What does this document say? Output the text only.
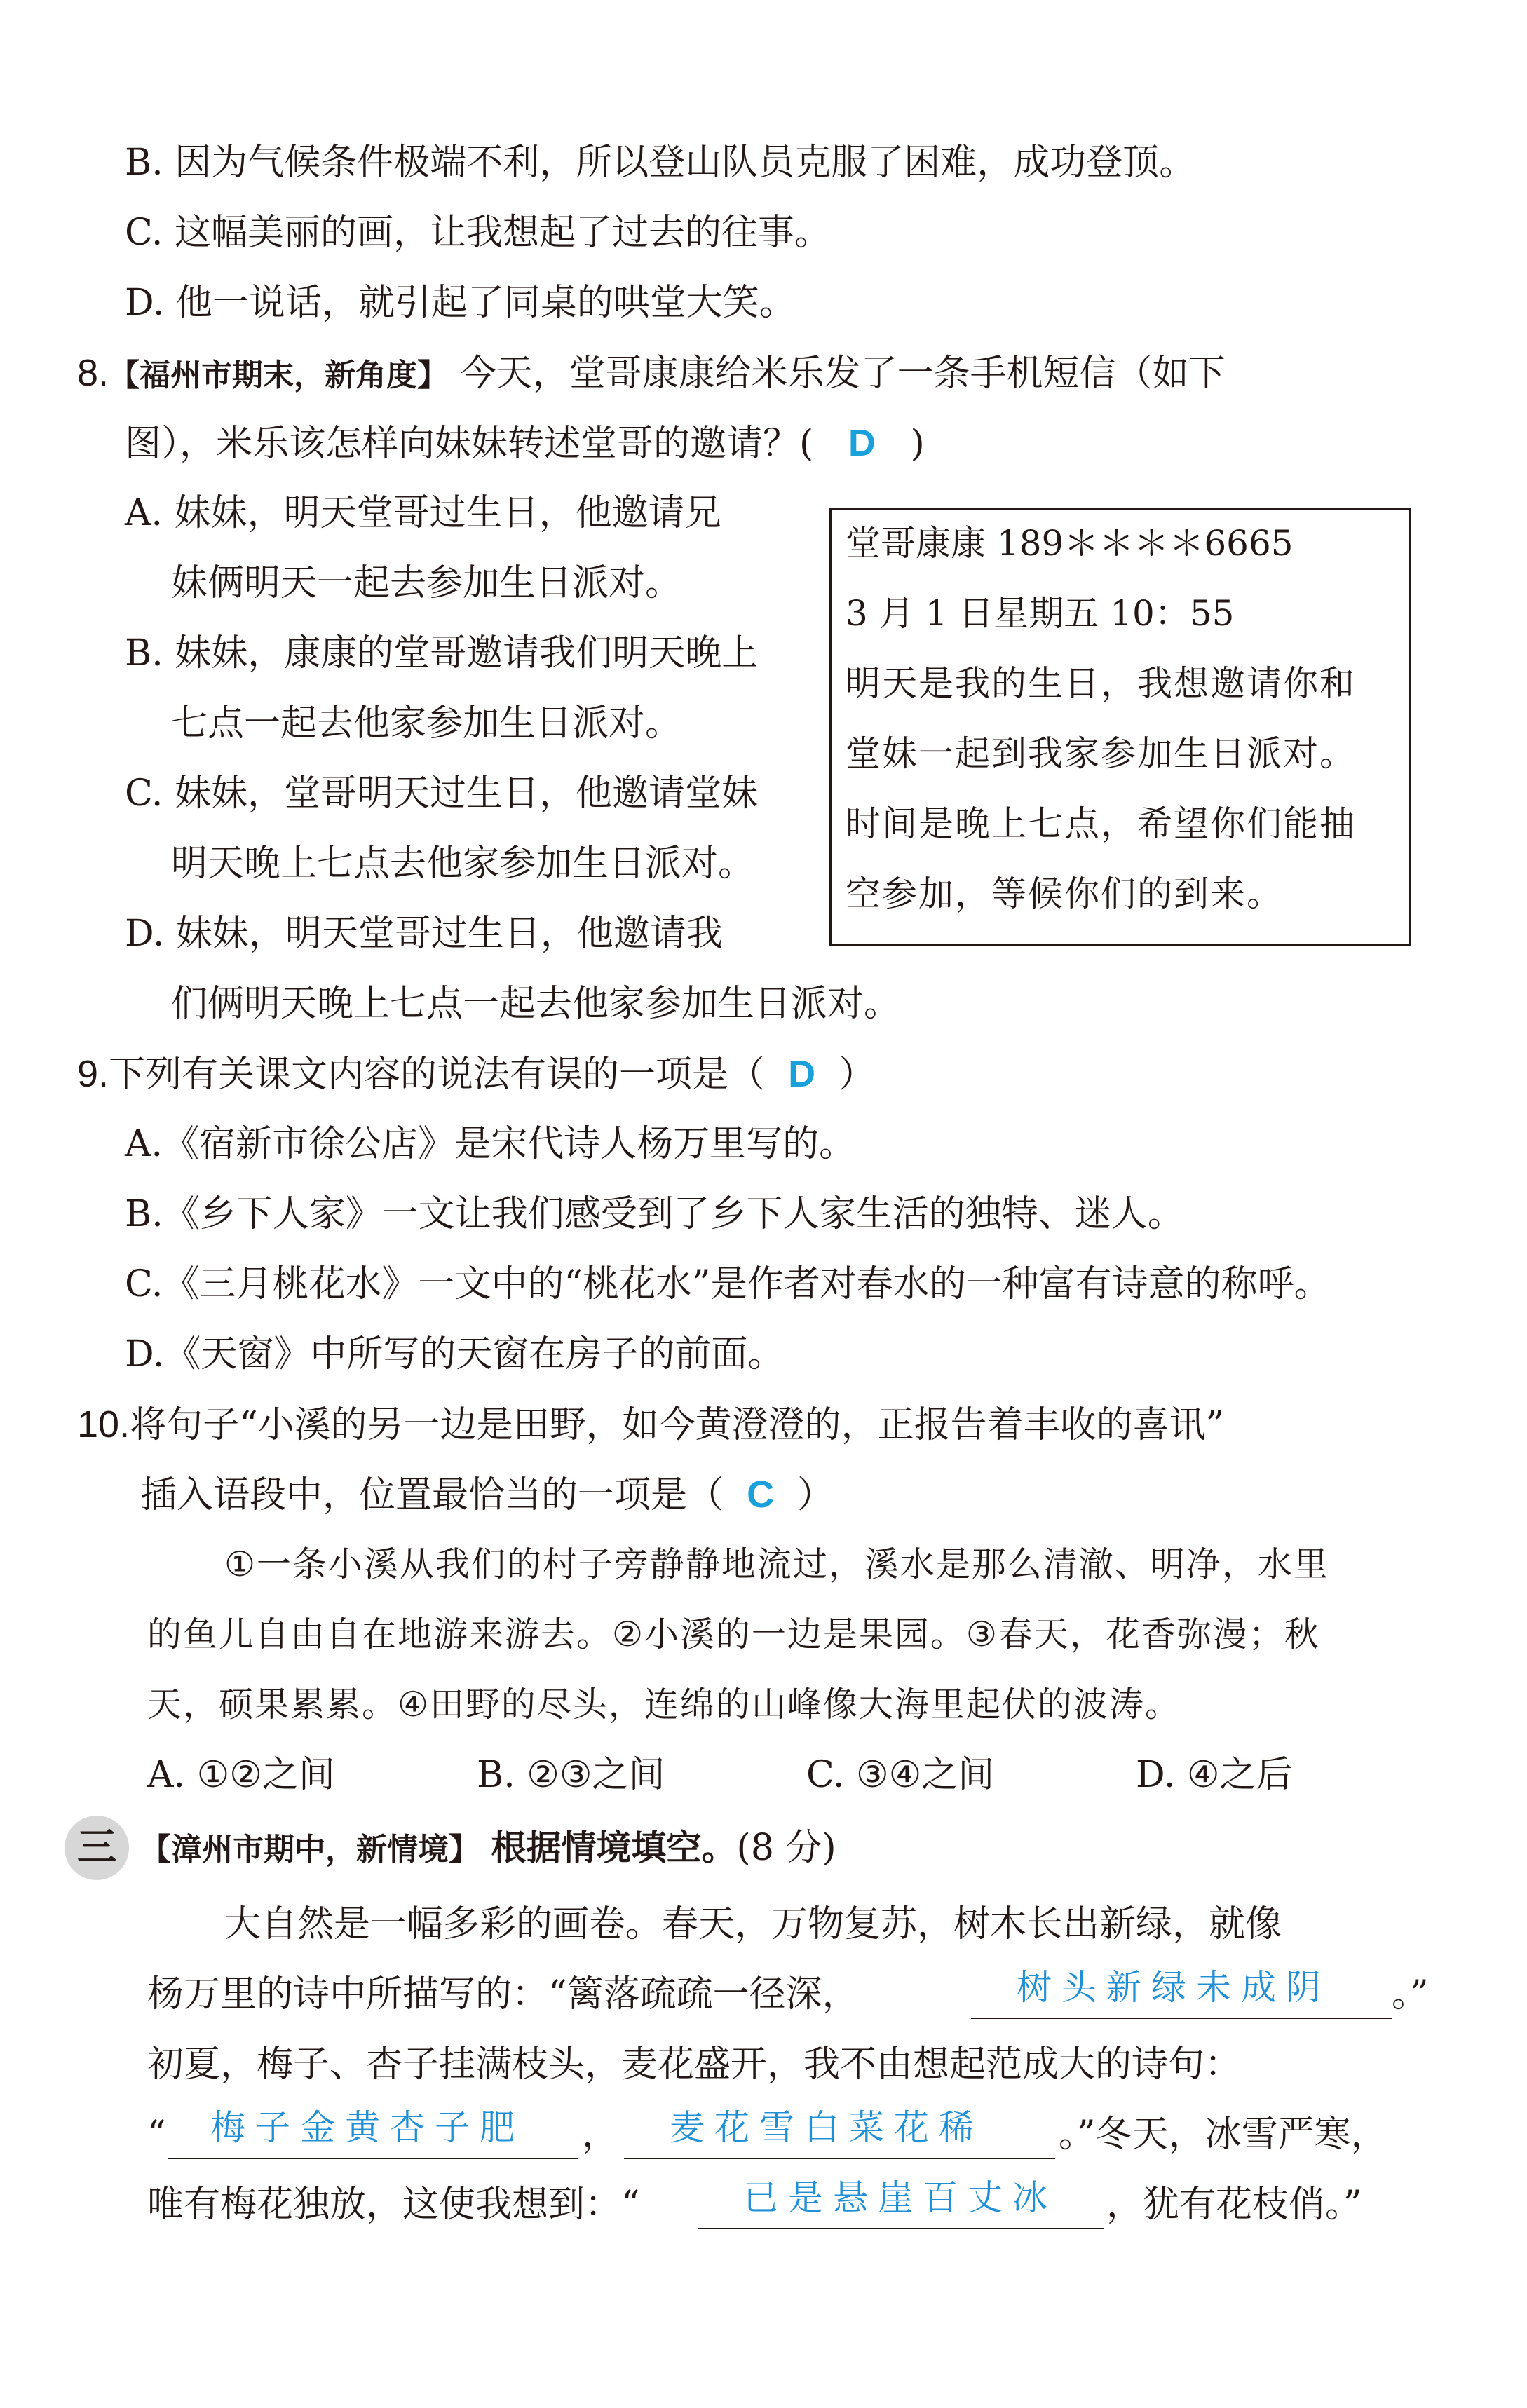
B. 因为气候条件极端不利，所以登山队员克服了困难，成功登顶。
C. 这幅美丽的画，让我想起了过去的往事。
D. 他一说话，就引起了同桌的哄堂大笑。
8.【福州市期末，新角度】 今天，堂哥康康给米乐发了一条手机短信（如下
图），米乐该怎样向妹妹转述堂哥的邀请？( D )
A. 妹妹，明天堂哥过生日，他邀请兄
妹俩明天一起去参加生日派对。
B. 妹妹，康康的堂哥邀请我们明天晚上
七点一起去他家参加生日派对。
C. 妹妹，堂哥明天过生日，他邀请堂妹
明天晚上七点去他家参加生日派对。
D. 妹妹，明天堂哥过生日，他邀请我
们俩明天晚上七点一起去他家参加生日派对。
堂哥康康 189＊＊＊＊6665
3 月 1 日星期五 10：55
明天是我的生日，我想邀请你和
堂妹一起到我家参加生日派对。
时间是晚上七点，希望你们能抽
空参加，等候你们的到来。
9.下列有关课文内容的说法有误的一项是（ D ）
A.《宿新市徐公店》是宋代诗人杨万里写的。
B.《乡下人家》一文让我们感受到了乡下人家生活的独特、迷人。
C.《三月桃花水》一文中的“桃花水”是作者对春水的一种富有诗意的称呼。
D.《天窗》中所写的天窗在房子的前面。
10.将句子“小溪的另一边是田野，如今黄澄澄的，正报告着丰收的喜讯”
插入语段中，位置最恰当的一项是（ C ）
①一条小溪从我们的村子旁静静地流过，溪水是那么清澈、明净，水里
的鱼儿自由自在地游来游去。②小溪的一边是果园。③春天，花香弥漫；秋
天，硕果累累。④田野的尽头，连绵的山峰像大海里起伏的波涛。
A. ①②之间	B. ②③之间	C. ③④之间	D. ④之后
三 【漳州市期中，新情境】 根据情境填空。(8 分)
大自然是一幅多彩的画卷。春天，万物复苏，树木长出新绿，就像
杨万里的诗中所描写的：“篱落疏疏一径深，	树头新绿未成阴 。”
初夏，梅子、杏子挂满枝头，麦花盛开，我不由想起范成大的诗句：
“ 梅子金黄杏子肥 ， 麦花雪白菜花稀 。”冬天，冰雪严寒，
唯有梅花独放，这使我想到：“	已是悬崖百丈冰 ，犹有花枝俏。”
